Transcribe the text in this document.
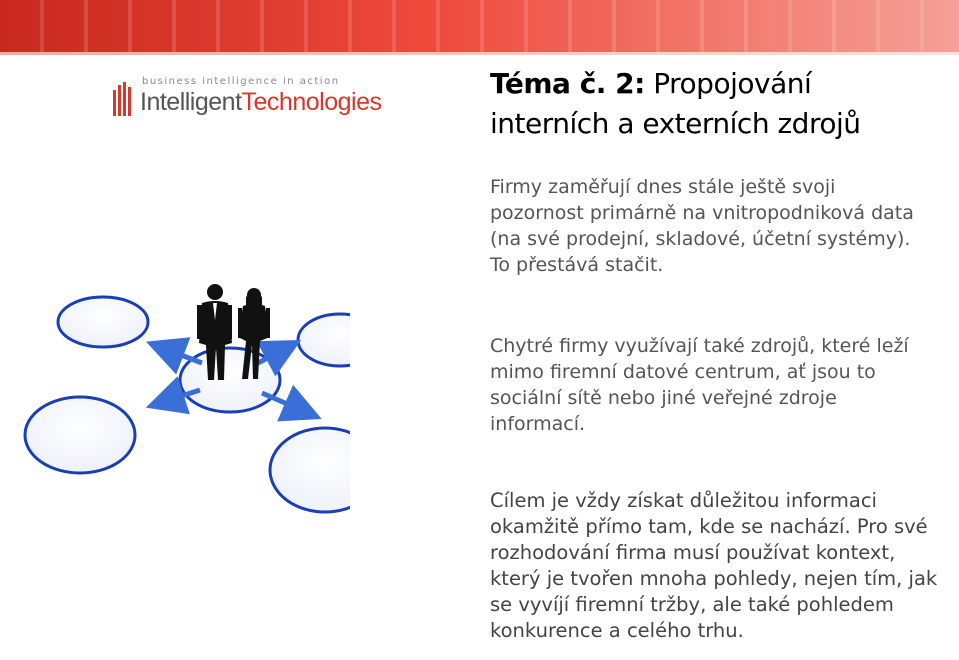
business intelligence in action
IntelligentTechnologies
Téma č. 2: Propojování interních a externích zdrojů
Firmy zaměřují dnes stále ještě svoji pozornost primárně na vnitropodniková data (na své prodejní, skladové, účetní systémy). To přestává stačit.
Chytré firmy využívají také zdrojů, které leží mimo firemní datové centrum, ať jsou to sociální sítě nebo jiné veřejné zdroje informací.
Cílem je vždy získat důležitou informaci okamžitě přímo tam, kde se nachází. Pro své rozhodování firma musí používat kontext, který je tvořen mnoha pohledy, nejen tím, jak se vyvíjí firemní tržby, ale také pohledem konkurence a celého trhu.
